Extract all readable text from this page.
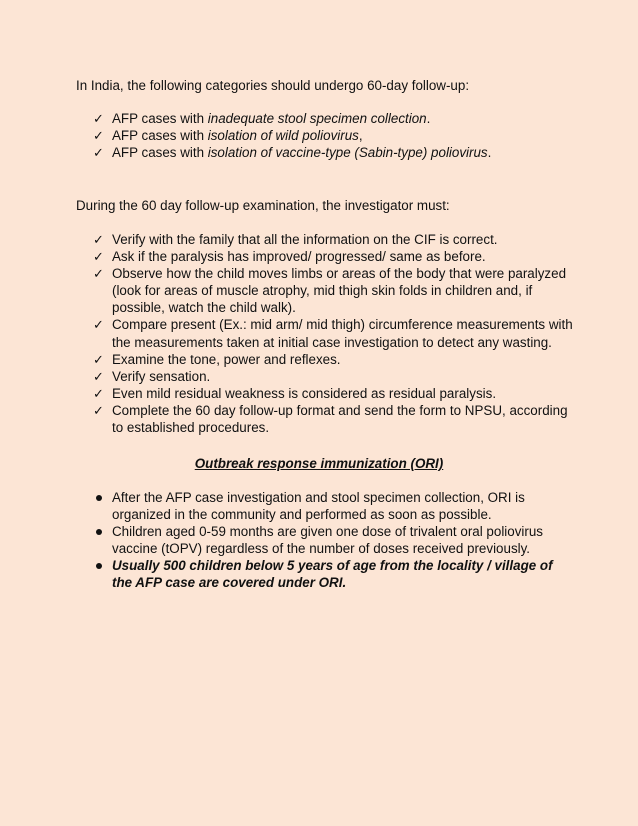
In India, the following categories should undergo 60-day follow-up:

✓ AFP cases with inadequate stool specimen collection.
✓ AFP cases with isolation of wild poliovirus,
✓ AFP cases with isolation of vaccine-type (Sabin-type) poliovirus.

During the 60 day follow-up examination, the investigator must:

✓ Verify with the family that all the information on the CIF is correct.
✓ Ask if the paralysis has improved/ progressed/ same as before.
✓ Observe how the child moves limbs or areas of the body that were paralyzed (look for areas of muscle atrophy, mid thigh skin folds in children and, if possible, watch the child walk).
✓ Compare present (Ex.: mid arm/ mid thigh) circumference measurements with the measurements taken at initial case investigation to detect any wasting.
✓ Examine the tone, power and reflexes.
✓ Verify sensation.
✓ Even mild residual weakness is considered as residual paralysis.
✓ Complete the 60 day follow-up format and send the form to NPSU, according to established procedures.

Outbreak response immunization (ORI)

After the AFP case investigation and stool specimen collection, ORI is organized in the community and performed as soon as possible.
Children aged 0-59 months are given one dose of trivalent oral poliovirus vaccine (tOPV) regardless of the number of doses received previously.
Usually 500 children below 5 years of age from the locality / village of the AFP case are covered under ORI.
